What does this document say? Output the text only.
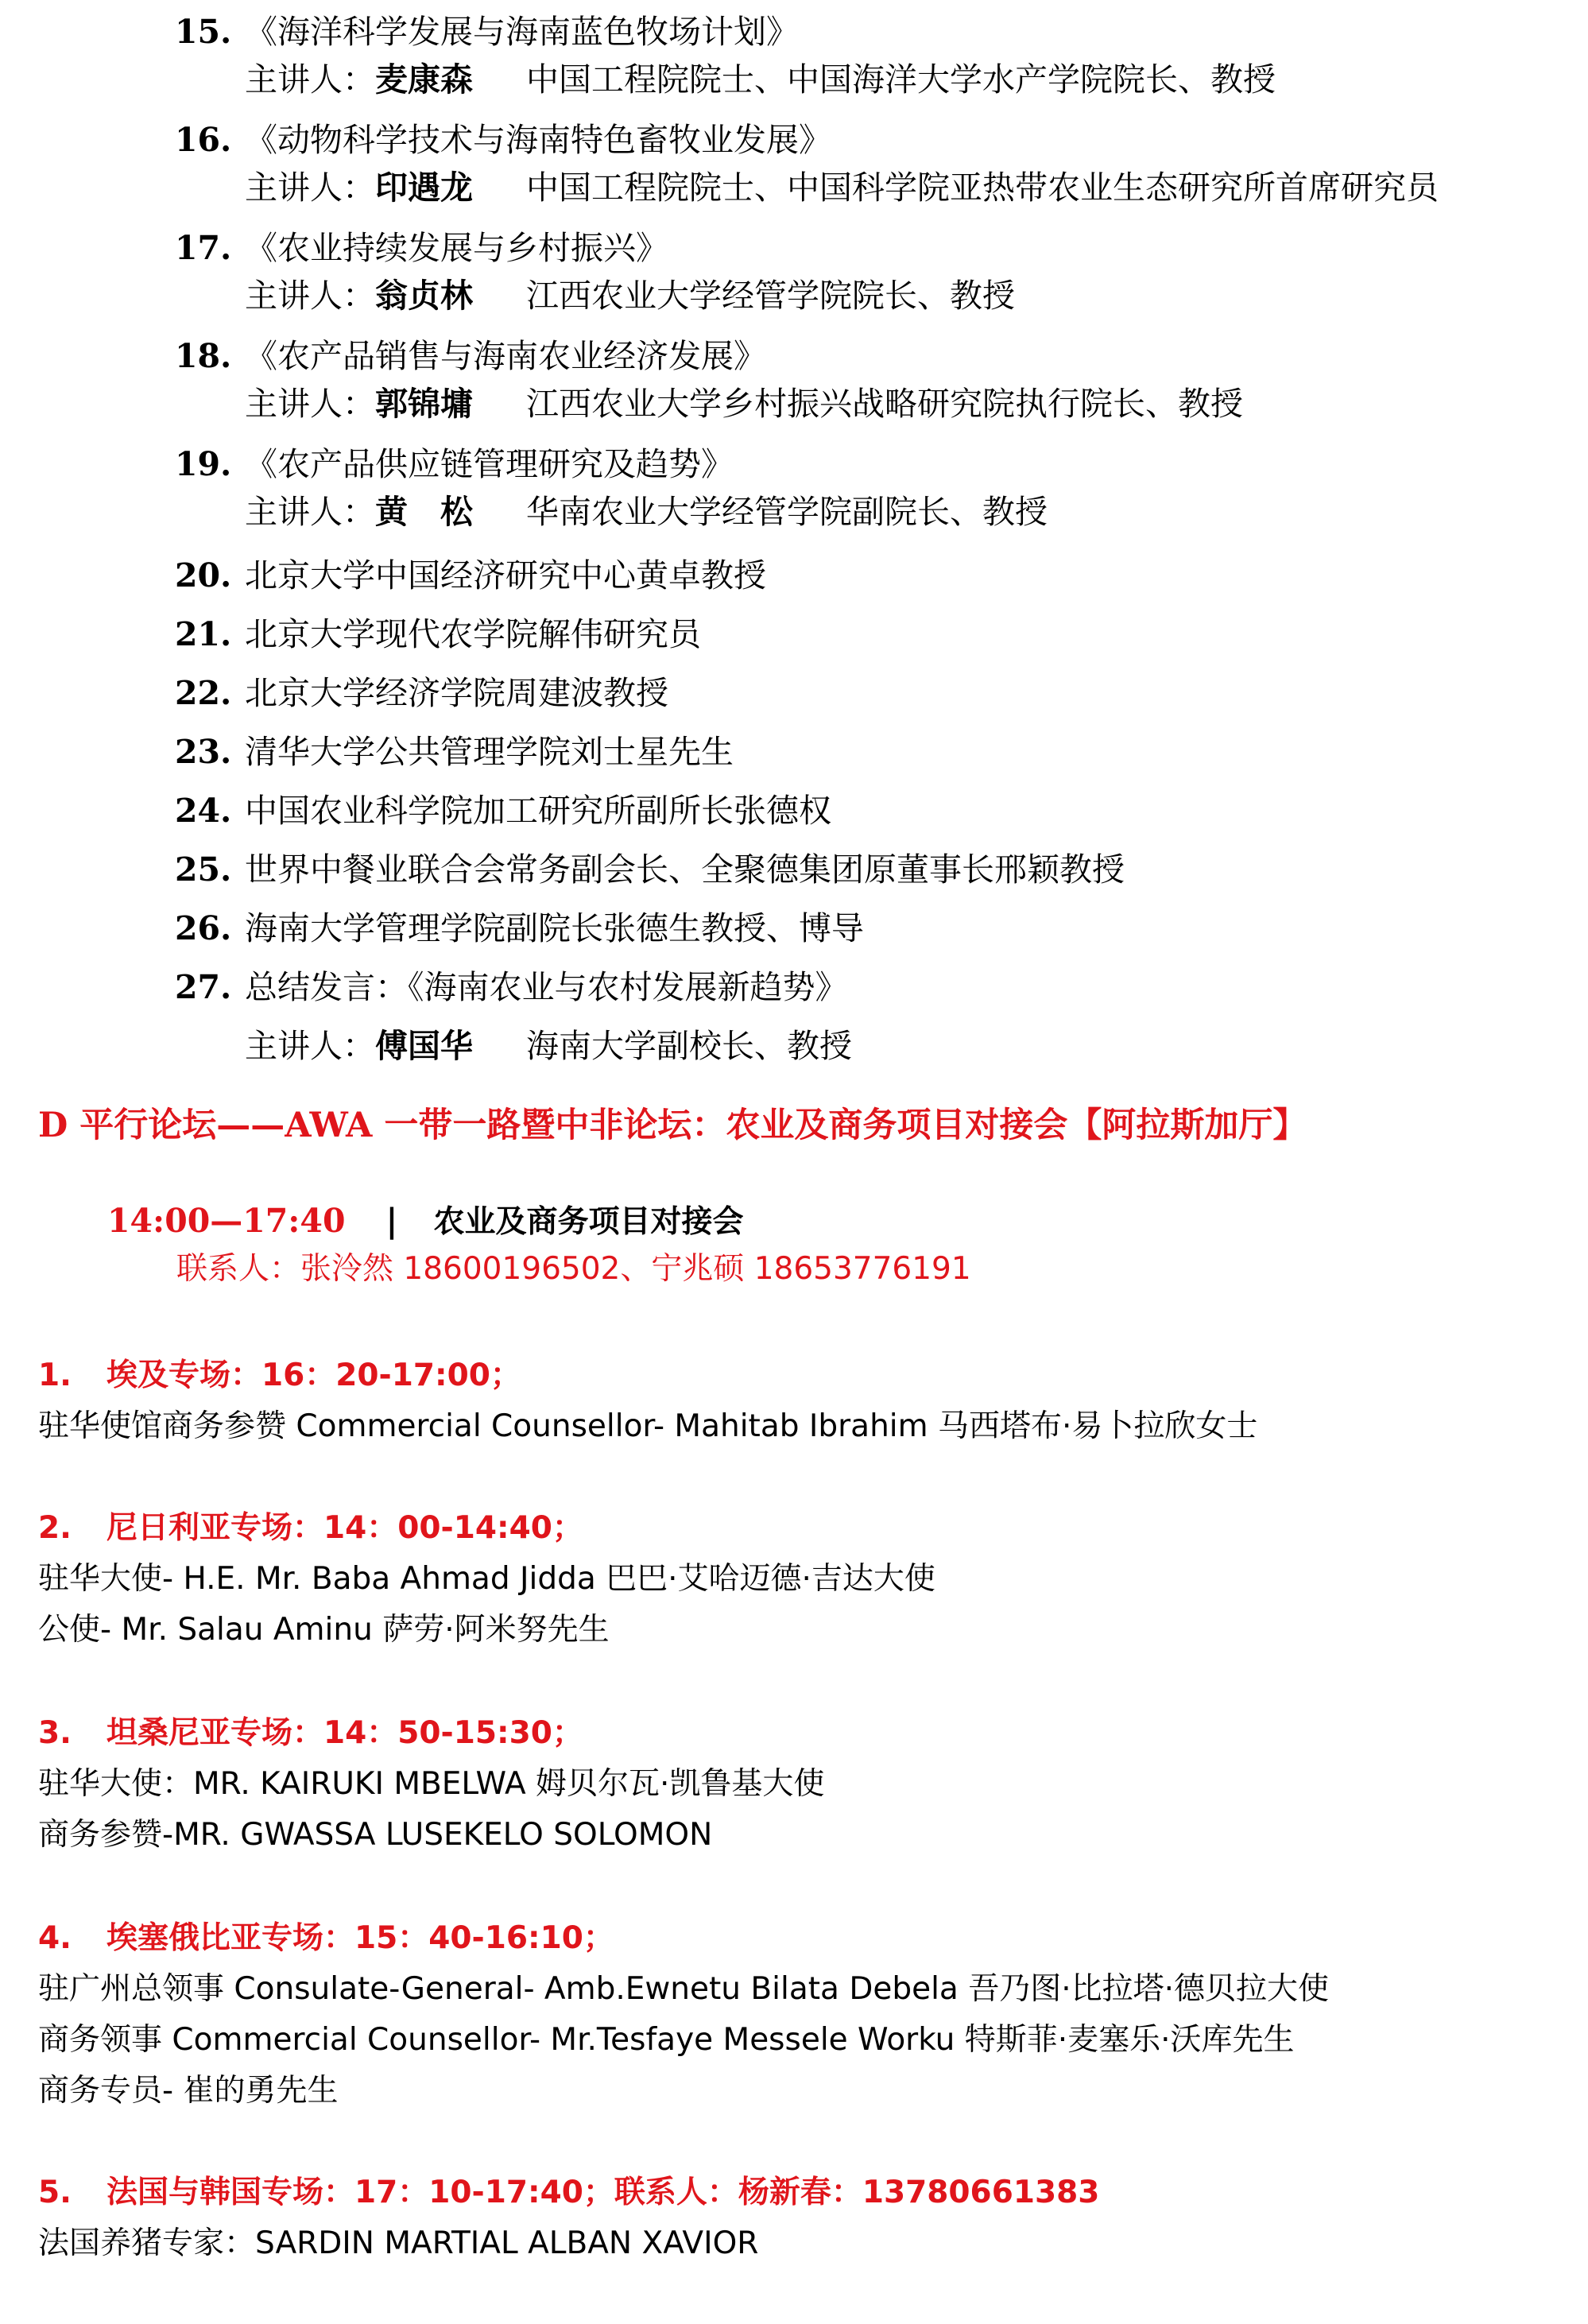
15. 《海洋科学发展与海南蓝色牧场计划》
主讲人：麦康森 中国工程院院士、中国海洋大学水产学院院长、教授
16. 《动物科学技术与海南特色畜牧业发展》
主讲人：印遇龙 中国工程院院士、中国科学院亚热带农业生态研究所首席研究员
17. 《农业持续发展与乡村振兴》
主讲人：翁贞林 江西农业大学经管学院院长、教授
18. 《农产品销售与海南农业经济发展》
主讲人：郭锦墉 江西农业大学乡村振兴战略研究院执行院长、教授
19. 《农产品供应链管理研究及趋势》
主讲人：黄　松 华南农业大学经管学院副院长、教授
20. 北京大学中国经济研究中心黄卓教授
21. 北京大学现代农学院解伟研究员
22. 北京大学经济学院周建波教授
23. 清华大学公共管理学院刘士星先生
24. 中国农业科学院加工研究所副所长张德权
25. 世界中餐业联合会常务副会长、全聚德集团原董事长邢颖教授
26. 海南大学管理学院副院长张德生教授、博导
27. 总结发言：《海南农业与农村发展新趋势》
主讲人：傅国华 海南大学副校长、教授
D 平行论坛——AWA 一带一路暨中非论坛：农业及商务项目对接会【阿拉斯加厅】
14:00—17:40 | 农业及商务项目对接会
联系人：张泠然 18600196502、宁兆硕 18653776191
1. 埃及专场：16：20-17:00；
驻华使馆商务参赞 Commercial Counsellor- Mahitab Ibrahim 马西塔布·易卜拉欣女士
2. 尼日利亚专场：14：00-14:40；
驻华大使- H.E. Mr. Baba Ahmad Jidda 巴巴·艾哈迈德·吉达大使
公使- Mr. Salau Aminu 萨劳·阿米努先生
3. 坦桑尼亚专场：14：50-15:30；
驻华大使：MR. KAIRUKI MBELWA 姆贝尔瓦·凯鲁基大使
商务参赞-MR. GWASSA LUSEKELO SOLOMON
4. 埃塞俄比亚专场：15：40-16:10；
驻广州总领事 Consulate-General- Amb.Ewnetu Bilata Debela 吾乃图·比拉塔·德贝拉大使
商务领事 Commercial Counsellor- Mr.Tesfaye Messele Worku 特斯菲·麦塞乐·沃库先生
商务专员- 崔的勇先生
5. 法国与韩国专场：17：10-17:40；联系人：杨新春：13780661383
法国养猪专家：SARDIN MARTIAL ALBAN XAVIOR
